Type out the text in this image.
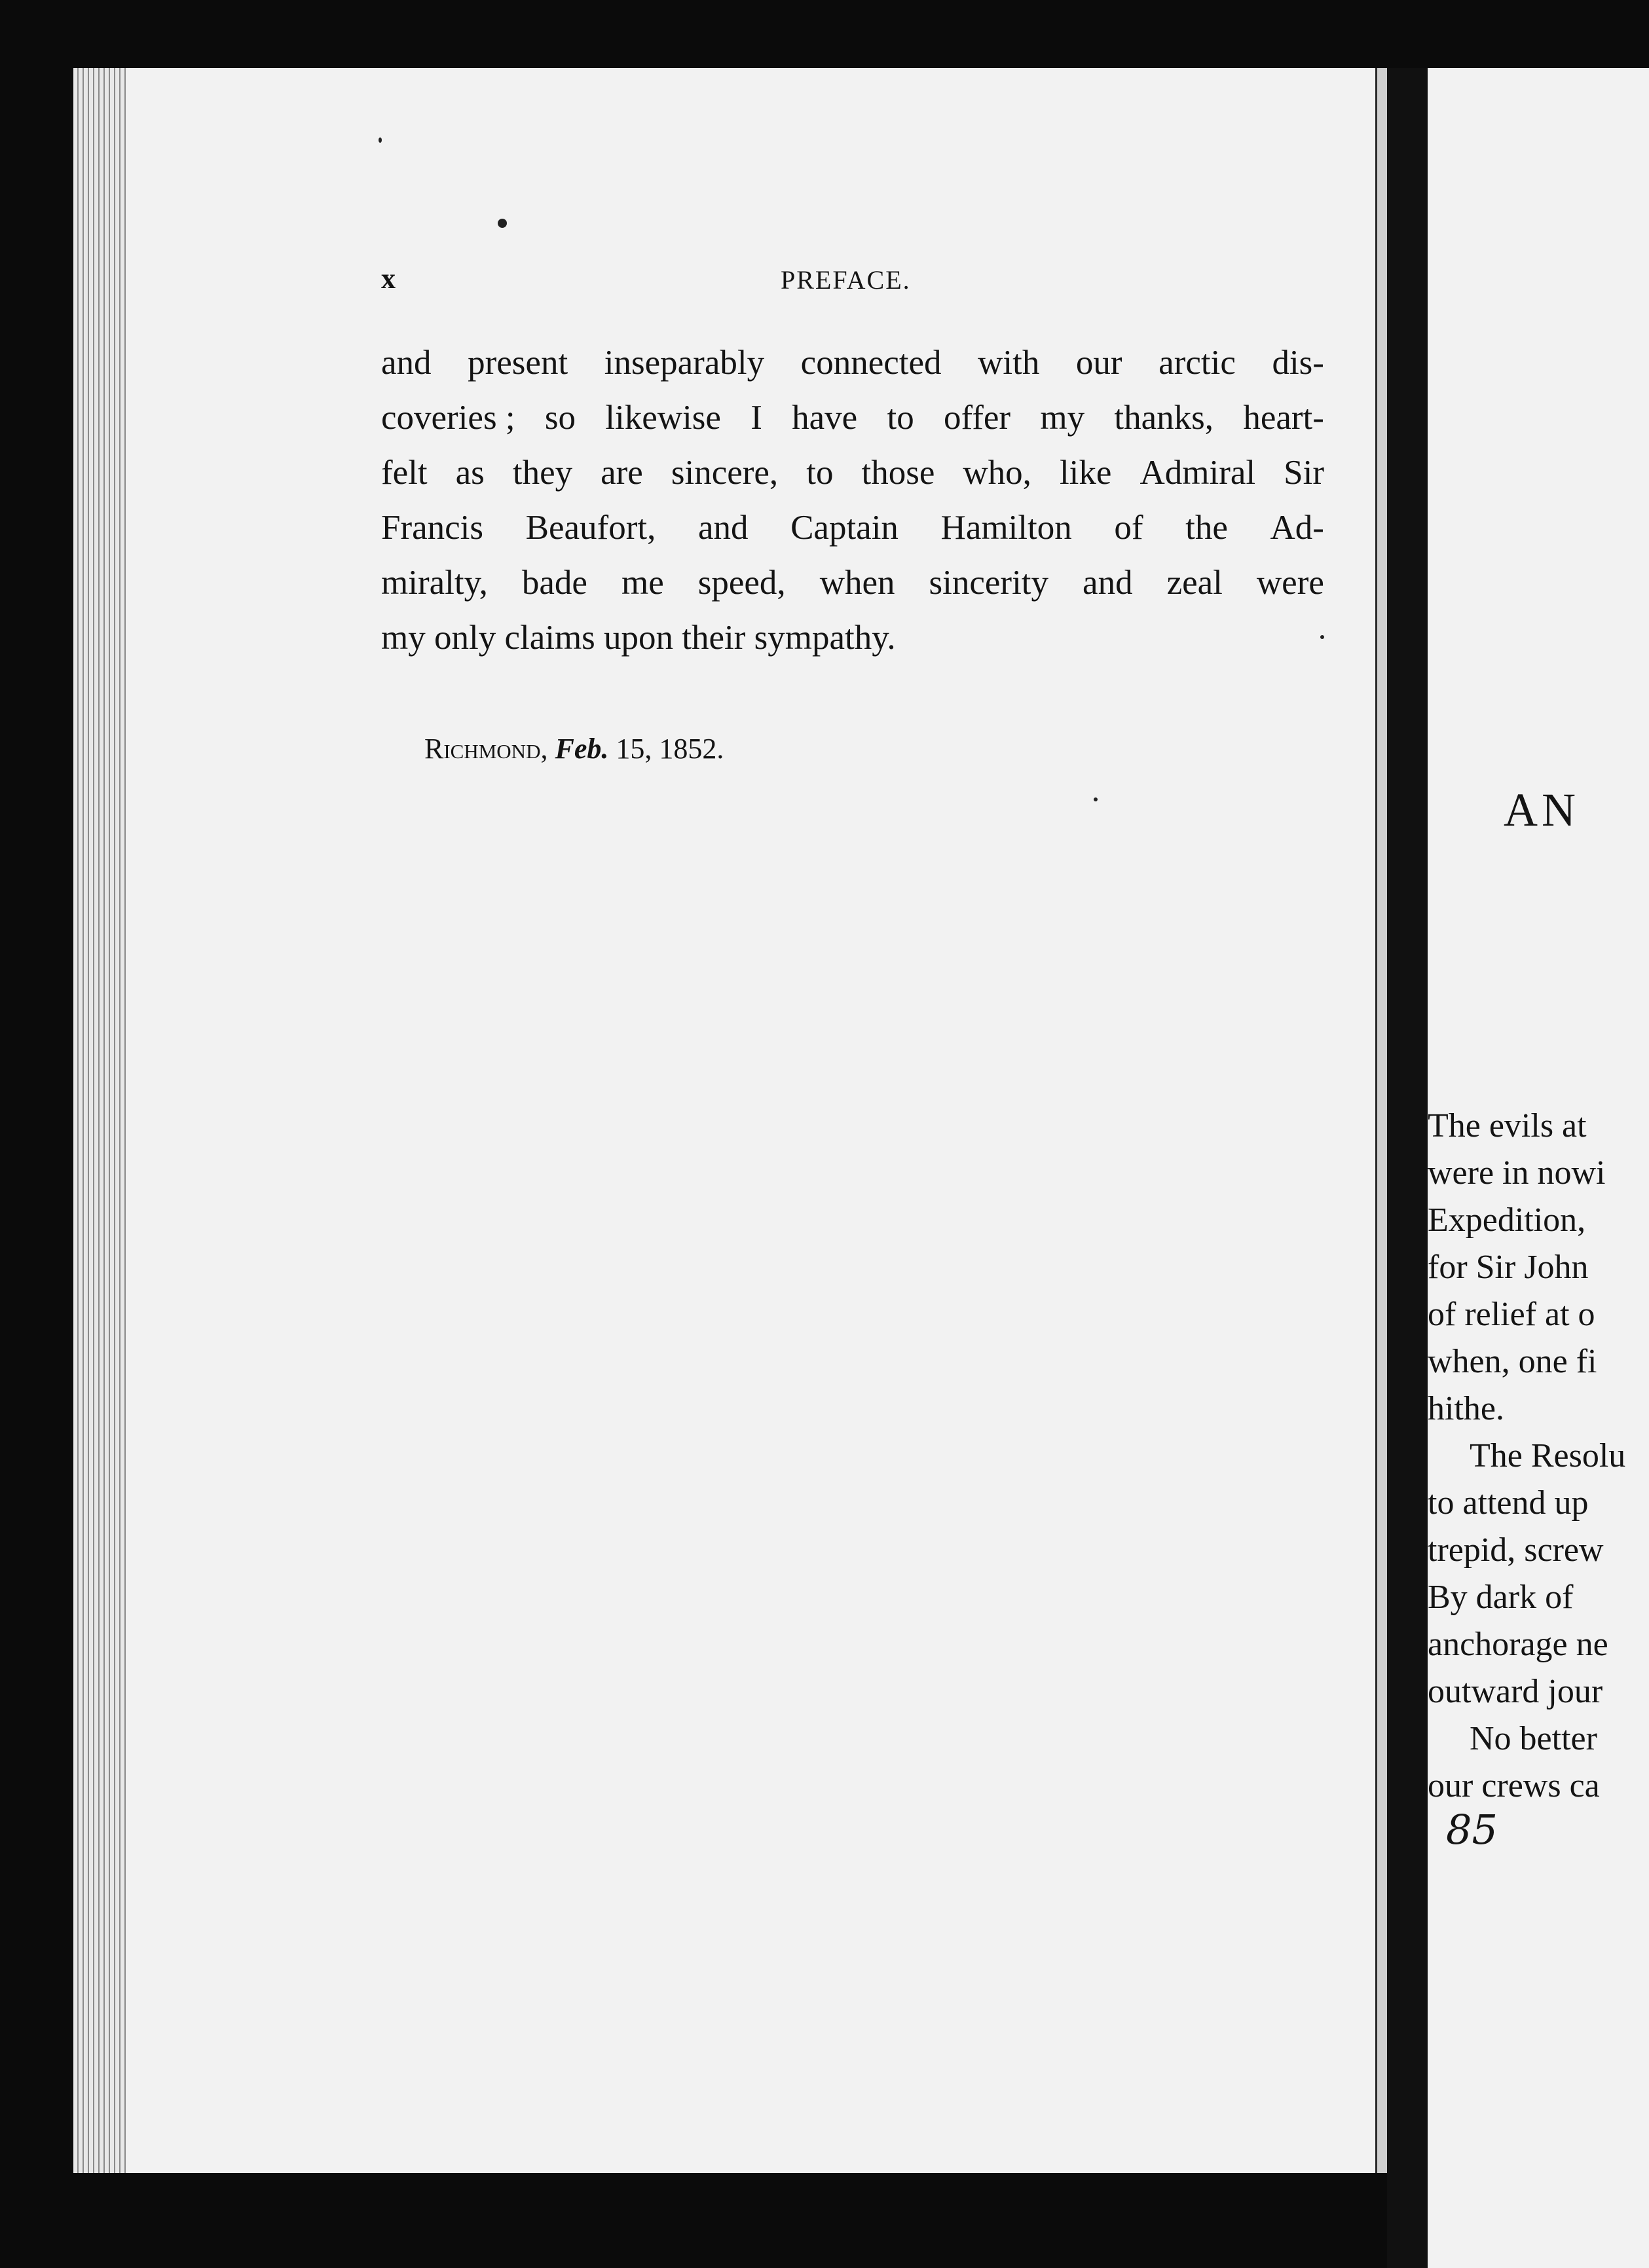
x	PREFACE.

and present inseparably connected with our arctic dis-
coveries ; so likewise I have to offer my thanks, heart-
felt as they are sincere, to those who, like Admiral Sir
Francis Beaufort, and Captain Hamilton of the Ad-
miralty, bade me speed, when sincerity and zeal were
my only claims upon their sympathy.

Richmond, Feb. 15, 1852.

AN

The evils at
were in nowi
Expedition,
for Sir John
of relief at o
when, one fi
hithe.
The Resolu
to attend up
trepid, screw
By dark of
anchorage ne
outward jour
No better
our crews ca

85
